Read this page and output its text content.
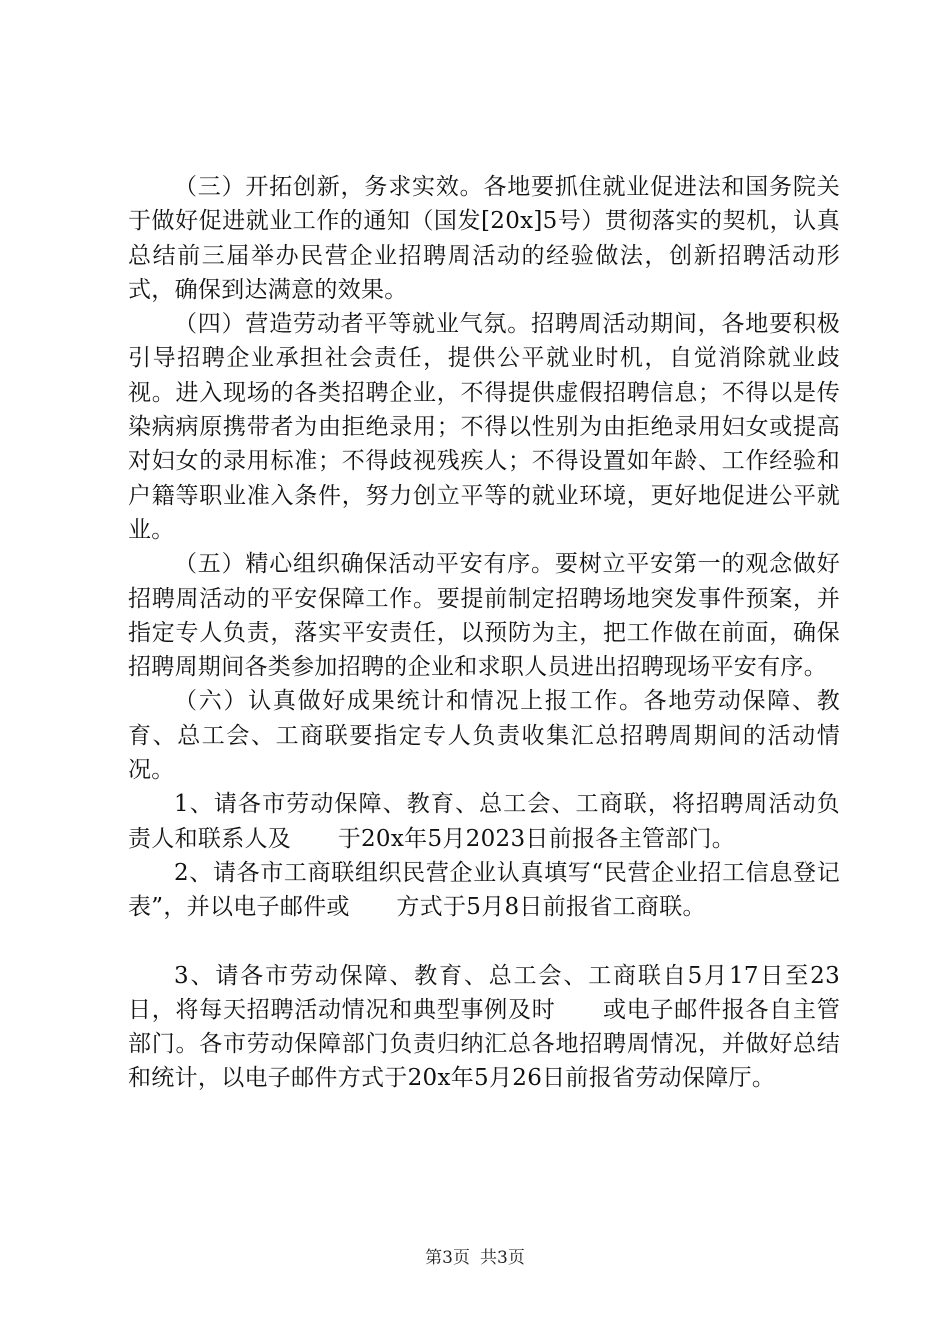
（三）开拓创新，务求实效。各地要抓住就业促进法和国务院关于做好促进就业工作的通知（国发[20x]5号）贯彻落实的契机，认真总结前三届举办民营企业招聘周活动的经验做法，创新招聘活动形式，确保到达满意的效果。

（四）营造劳动者平等就业气氛。招聘周活动期间，各地要积极引导招聘企业承担社会责任，提供公平就业时机，自觉消除就业歧视。进入现场的各类招聘企业，不得提供虚假招聘信息；不得以是传染病病原携带者为由拒绝录用；不得以性别为由拒绝录用妇女或提高对妇女的录用标准；不得歧视残疾人；不得设置如年龄、工作经验和户籍等职业准入条件，努力创立平等的就业环境，更好地促进公平就业。

（五）精心组织确保活动平安有序。要树立平安第一的观念做好招聘周活动的平安保障工作。要提前制定招聘场地突发事件预案，并指定专人负责，落实平安责任，以预防为主，把工作做在前面，确保招聘周期间各类参加招聘的企业和求职人员进出招聘现场平安有序。

（六）认真做好成果统计和情况上报工作。各地劳动保障、教育、总工会、工商联要指定专人负责收集汇总招聘周期间的活动情况。

1、请各市劳动保障、教育、总工会、工商联，将招聘周活动负责人和联系人及　　于20x年5月2023日前报各主管部门。

2、请各市工商联组织民营企业认真填写“民营企业招工信息登记表”，并以电子邮件或　　方式于5月8日前报省工商联。

3、请各市劳动保障、教育、总工会、工商联自5月17日至23日，将每天招聘活动情况和典型事例及时　　或电子邮件报各自主管部门。各市劳动保障部门负责归纳汇总各地招聘周情况，并做好总结和统计，以电子邮件方式于20x年5月26日前报省劳动保障厅。

第3页 共3页
